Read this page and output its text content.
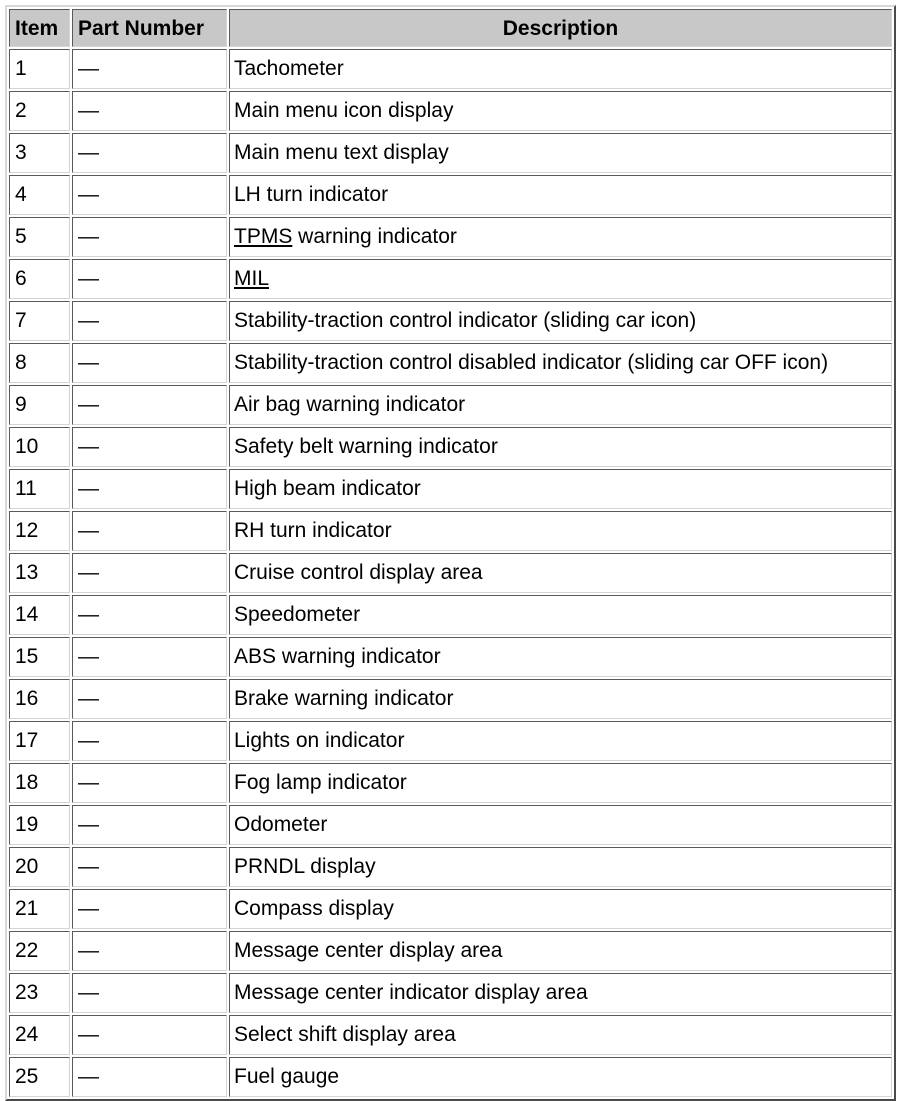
Item	Part Number	Description
1	—	Tachometer
2	—	Main menu icon display
3	—	Main menu text display
4	—	LH turn indicator
5	—	TPMS warning indicator
6	—	MIL
7	—	Stability-traction control indicator (sliding car icon)
8	—	Stability-traction control disabled indicator (sliding car OFF icon)
9	—	Air bag warning indicator
10	—	Safety belt warning indicator
11	—	High beam indicator
12	—	RH turn indicator
13	—	Cruise control display area
14	—	Speedometer
15	—	ABS warning indicator
16	—	Brake warning indicator
17	—	Lights on indicator
18	—	Fog lamp indicator
19	—	Odometer
20	—	PRNDL display
21	—	Compass display
22	—	Message center display area
23	—	Message center indicator display area
24	—	Select shift display area
25	—	Fuel gauge
